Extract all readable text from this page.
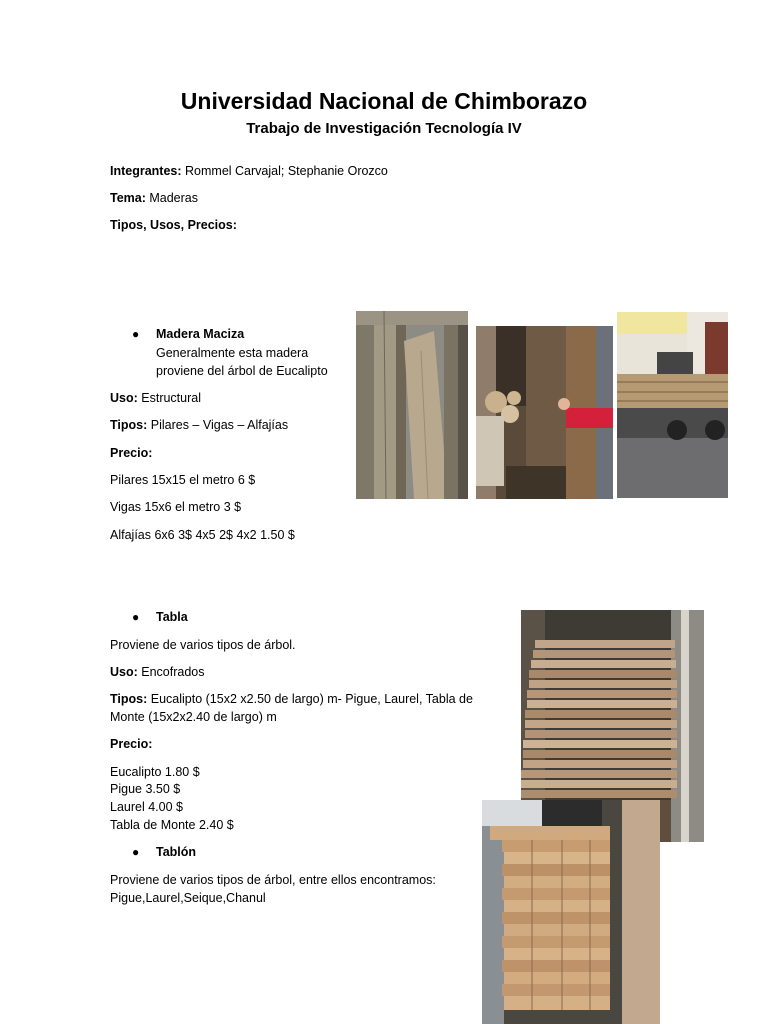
Universidad Nacional de Chimborazo
Trabajo de Investigación Tecnología IV
Integrantes: Rommel Carvajal; Stephanie Orozco
Tema: Maderas
Tipos, Usos, Precios:
● Madera Maciza
Generalmente esta madera
proviene del árbol de Eucalipto
Uso: Estructural
Tipos: Pilares – Vigas – Alfajías
Precio:
Pilares 15x15 el metro 6 $
Vigas 15x6 el metro 3 $
Alfajías 6x6 3$ 4x5 2$ 4x2 1.50 $
● Tabla
Proviene de varios tipos de árbol.
Uso: Encofrados
Tipos: Eucalipto (15x2 x2.50 de largo) m- Pigue, Laurel, Tabla de
Monte (15x2x2.40 de largo) m
Precio:
Eucalipto 1.80 $
Pigue 3.50 $
Laurel 4.00 $
Tabla de Monte 2.40 $
● Tablón
Proviene de varios tipos de árbol, entre ellos encontramos:
Pigue,Laurel,Seique,Chanul
